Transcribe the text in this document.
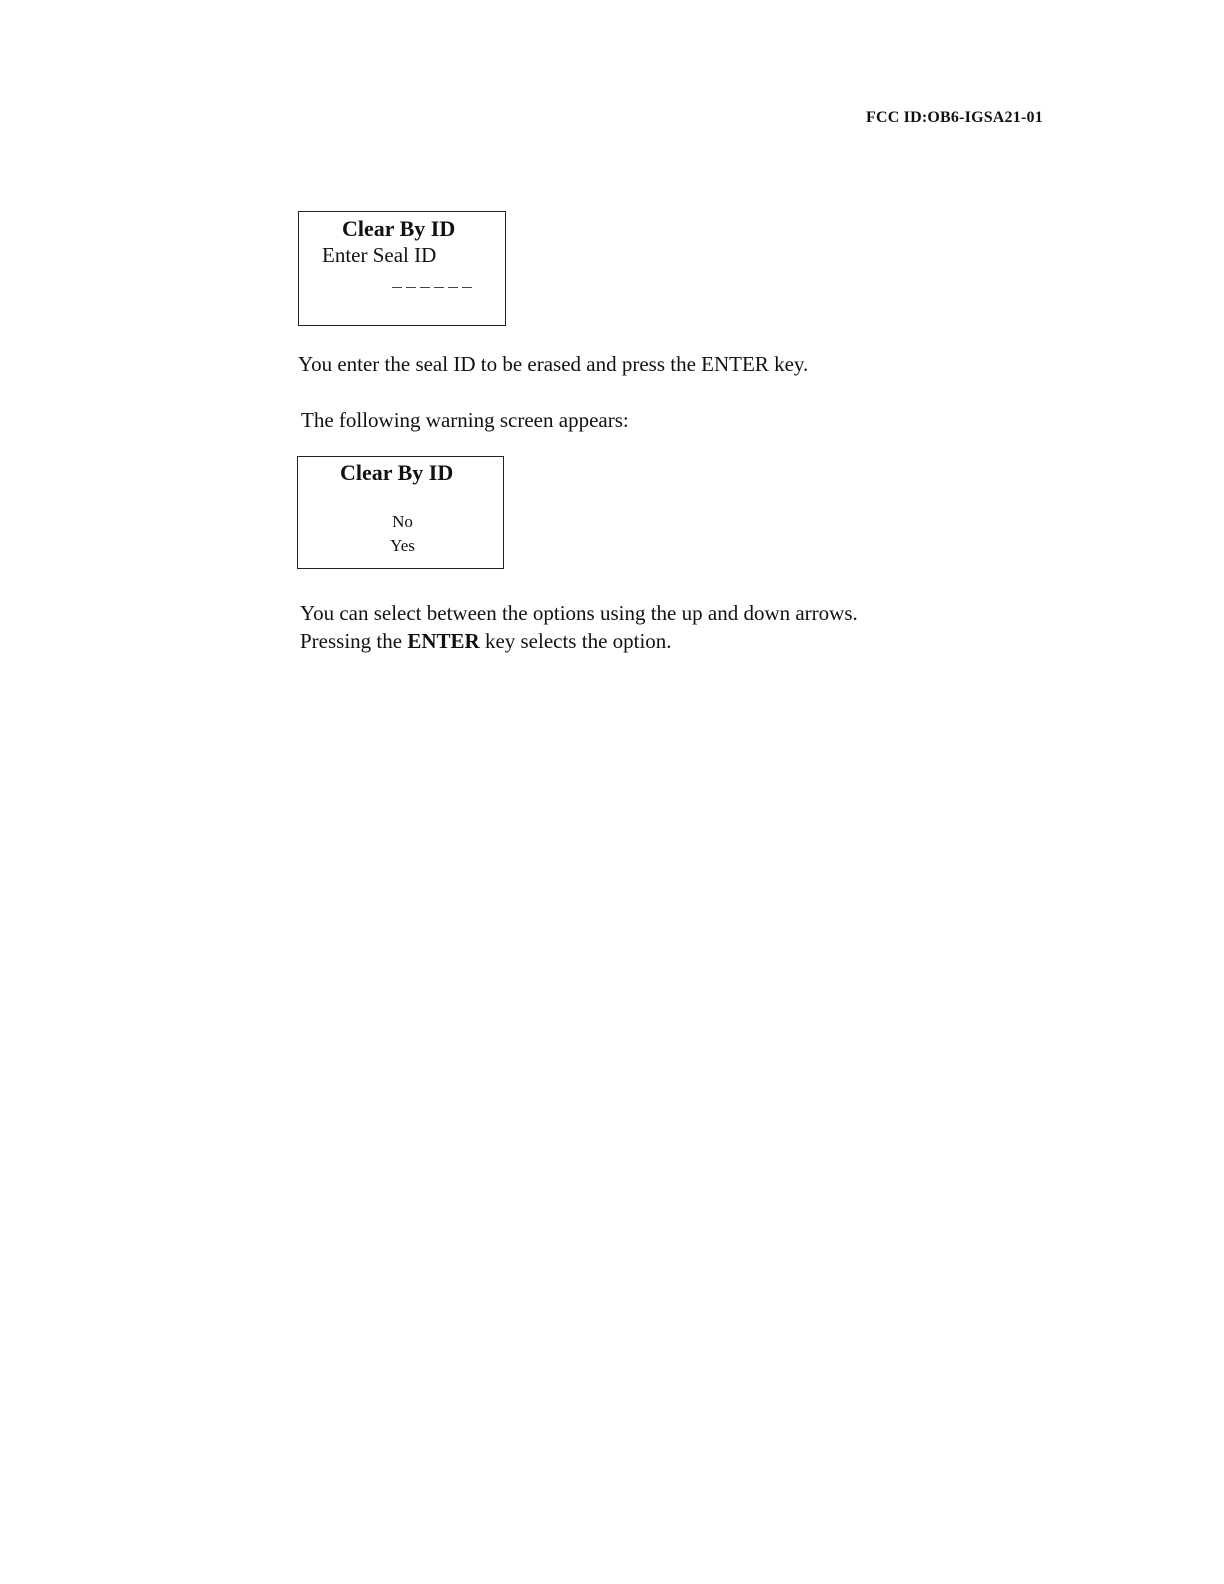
FCC ID:OB6-IGSA21-01
Clear By ID
Enter Seal ID
You enter the seal ID to be erased and press the ENTER key.
The following warning screen appears:
Clear By ID
No
Yes
You can select between the options using the up and down arrows.
Pressing the ENTER key selects the option.
